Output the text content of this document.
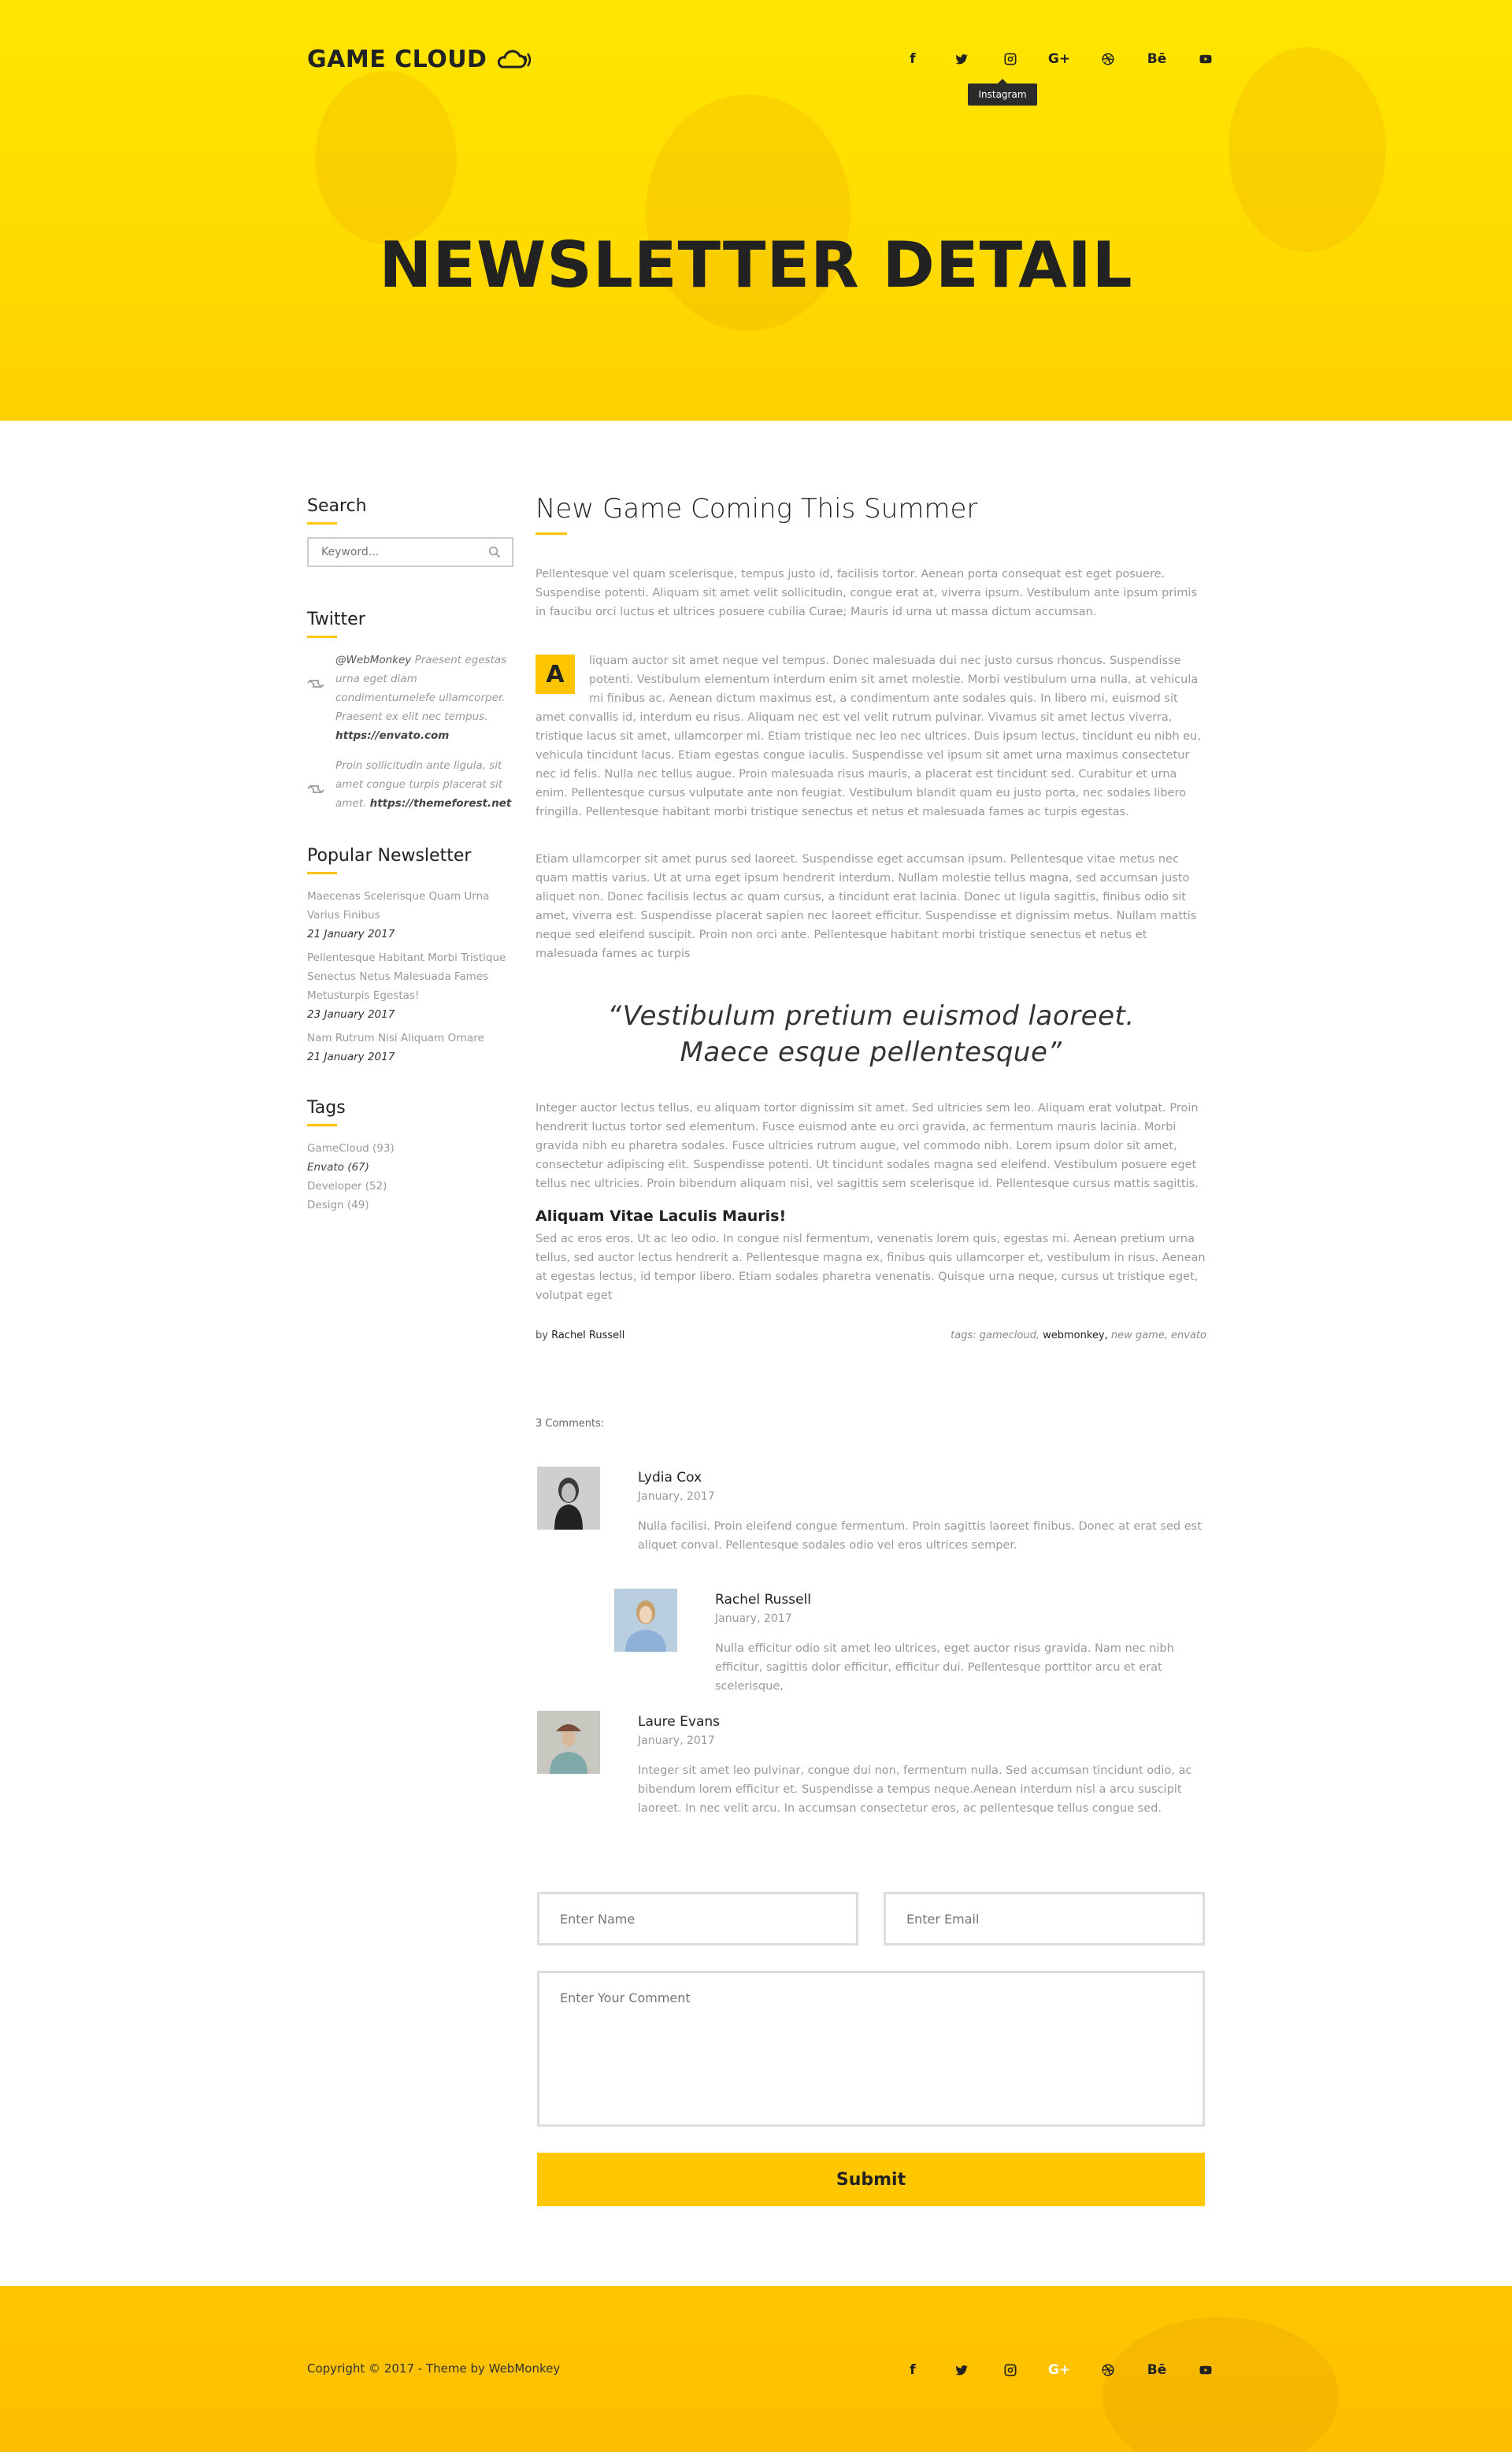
GAME CLOUD	f	G+	Bē
Instagram
NEWSLETTER DETAIL
Search
Keyword...
Twitter
@WebMonkey Praesent egestas urna eget diam condimentumelefe ullamcorper. Praesent ex elit nec tempus. https://envato.com
Proin sollicitudin ante ligula, sit amet congue turpis placerat sit amet. https://themeforest.net
Popular Newsletter
Maecenas Scelerisque Quam Urna Varius Finibus
21 January 2017
Pellentesque Habitant Morbi Tristique Senectus Netus Malesuada Fames Metusturpis Egestas!
23 January 2017
Nam Rutrum Nisi Aliquam Ornare
21 January 2017
Tags
GameCloud (93)
Envato (67)
Developer (52)
Design (49)
New Game Coming This Summer

Pellentesque vel quam scelerisque, tempus justo id, facilisis tortor. Aenean porta consequat est eget posuere. Suspendise potenti. Aliquam sit amet velit sollicitudin, congue erat at, viverra ipsum. Vestibulum ante ipsum primis in faucibu orci luctus et ultrices posuere cubilia Curae; Mauris id urna ut massa dictum accumsan.

A	liquam auctor sit amet neque vel tempus. Donec malesuada dui nec justo cursus rhoncus. Suspendisse potenti. Vestibulum elementum interdum enim sit amet molestie. Morbi vestibulum urna nulla, at vehicula mi finibus ac. Aenean dictum maximus est, a condimentum ante sodales quis. In libero mi, euismod sit amet convallis id, interdum eu risus. Aliquam nec est vel velit rutrum pulvinar. Vivamus sit amet lectus viverra, tristique lacus sit amet, ullamcorper mi. Etiam tristique nec leo nec ultrices. Duis ipsum lectus, tincidunt eu nibh eu, vehicula tincidunt lacus. Etiam egestas congue iaculis. Suspendisse vel ipsum sit amet urna maximus consectetur nec id felis. Nulla nec tellus augue. Proin malesuada risus mauris, a placerat est tincidunt sed. Curabitur et urna enim. Pellentesque cursus vulputate ante non feugiat. Vestibulum blandit quam eu justo porta, nec sodales libero fringilla. Pellentesque habitant morbi tristique senectus et netus et malesuada fames ac turpis egestas.

Etiam ullamcorper sit amet purus sed laoreet. Suspendisse eget accumsan ipsum. Pellentesque vitae metus nec quam mattis varius. Ut at urna eget ipsum hendrerit interdum. Nullam molestie tellus magna, sed accumsan justo aliquet non. Donec facilisis lectus ac quam cursus, a tincidunt erat lacinia. Donec ut ligula sagittis, finibus odio sit amet, viverra est. Suspendisse placerat sapien nec laoreet efficitur. Suspendisse et dignissim metus. Nullam mattis neque sed eleifend suscipit. Proin non orci ante. Pellentesque habitant morbi tristique senectus et netus et malesuada fames ac turpis

“Vestibulum pretium euismod laoreet.
Maece esque pellentesque”

Integer auctor lectus tellus, eu aliquam tortor dignissim sit amet. Sed ultricies sem leo. Aliquam erat volutpat. Proin hendrerit luctus tortor sed elementum. Fusce euismod ante eu orci gravida, ac fermentum mauris lacinia. Morbi gravida nibh eu pharetra sodales. Fusce ultricies rutrum augue, vel commodo nibh. Lorem ipsum dolor sit amet, consectetur adipiscing elit. Suspendisse potenti. Ut tincidunt sodales magna sed eleifend. Vestibulum posuere eget tellus nec ultricies. Proin bibendum aliquam nisi, vel sagittis sem scelerisque id. Pellentesque cursus mattis sagittis.

Aliquam Vitae Laculis Mauris!

Sed ac eros eros. Ut ac leo odio. In congue nisl fermentum, venenatis lorem quis, egestas mi. Aenean pretium urna tellus, sed auctor lectus hendrerit a. Pellentesque magna ex, finibus quis ullamcorper et, vestibulum in risus. Aenean at egestas lectus, id tempor libero. Etiam sodales pharetra venenatis. Quisque urna neque, cursus ut tristique eget, volutpat eget

by Rachel Russell	tags: gamecloud, webmonkey, new game, envato
3 Comments:
Lydia Cox
January, 2017
Nulla facilisi. Proin eleifend congue fermentum. Proin sagittis laoreet finibus. Donec at erat sed est aliquet conval. Pellentesque sodales odio vel eros ultrices semper.
Rachel Russell
January, 2017
Nulla efficitur odio sit amet leo ultrices, eget auctor risus gravida. Nam nec nibh efficitur, sagittis dolor efficitur, efficitur dui. Pellentesque porttitor arcu et erat scelerisque,
Laure Evans
January, 2017
Integer sit amet leo pulvinar, congue dui non, fermentum nulla. Sed accumsan tincidunt odio, ac bibendum lorem efficitur et. Suspendisse a tempus neque.Aenean interdum nisl a arcu suscipit laoreet. In nec velit arcu. In accumsan consectetur eros, ac pellentesque tellus congue sed.
Enter Name
Enter Email
Enter Your Comment
Submit
Copyright © 2017 - Theme by WebMonkey	f	G+	Bē
